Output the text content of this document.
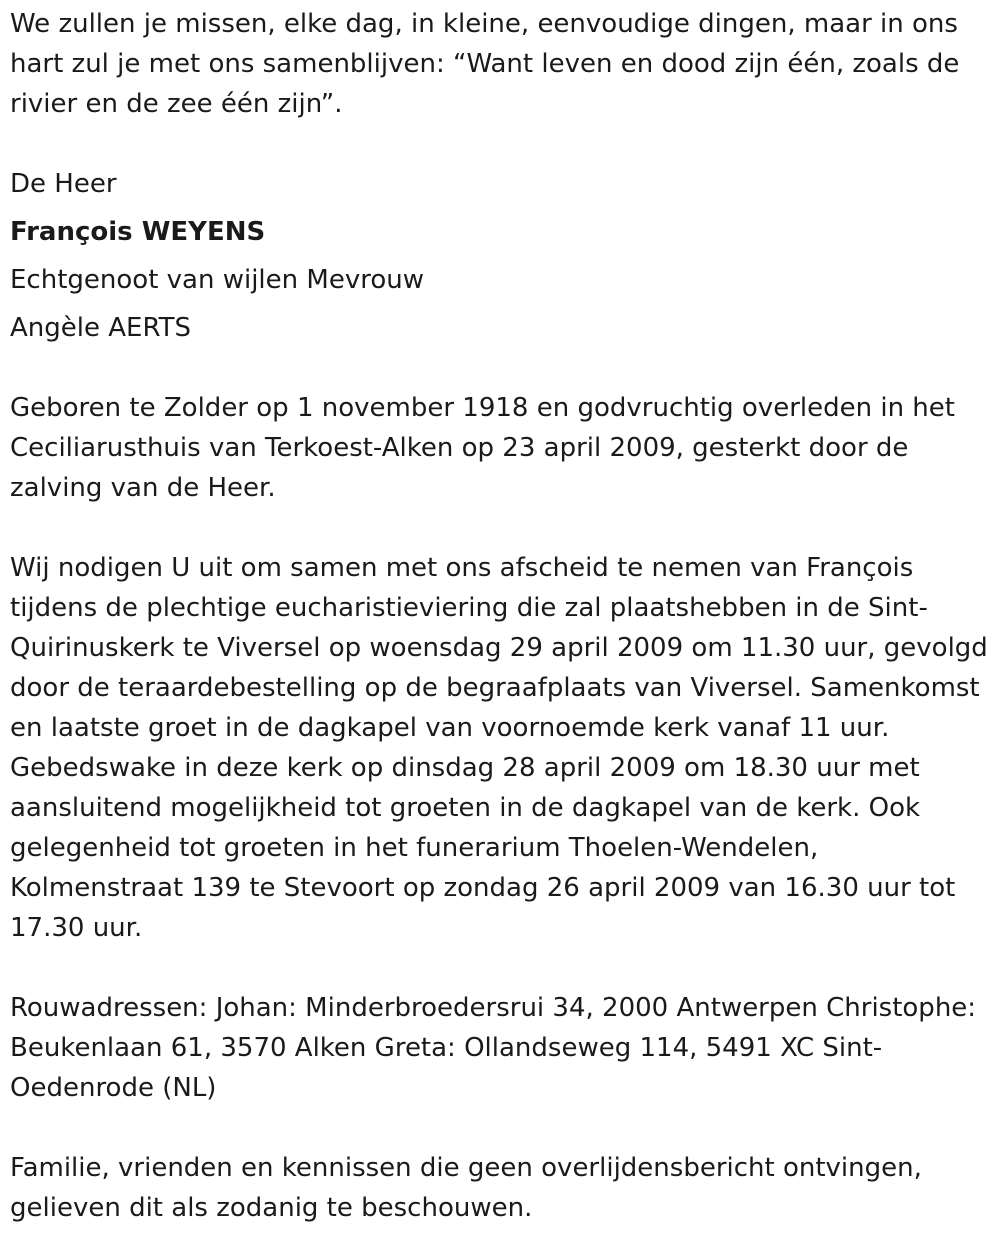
We zullen je missen, elke dag, in kleine, eenvoudige dingen, maar in ons hart zul je met ons samenblijven: “Want leven en dood zijn één, zoals de rivier en de zee één zijn”.

De Heer

François WEYENS

Echtgenoot van wijlen Mevrouw

Angèle AERTS

Geboren te Zolder op 1 november 1918 en godvruchtig overleden in het Ceciliarusthuis van Terkoest-Alken op 23 april 2009, gesterkt door de zalving van de Heer.

Wij nodigen U uit om samen met ons afscheid te nemen van François tijdens de plechtige eucharistieviering die zal plaatshebben in de Sint-Quirinuskerk te Viversel op woensdag 29 april 2009 om 11.30 uur, gevolgd door de teraardebestelling op de begraafplaats van Viversel. Samenkomst en laatste groet in de dagkapel van voornoemde kerk vanaf 11 uur. Gebedswake in deze kerk op dinsdag 28 april 2009 om 18.30 uur met aansluitend mogelijkheid tot groeten in de dagkapel van de kerk. Ook gelegenheid tot groeten in het funerarium Thoelen-Wendelen, Kolmenstraat 139 te Stevoort op zondag 26 april 2009 van 16.30 uur tot 17.30 uur.

Rouwadressen: Johan: Minderbroedersrui 34, 2000 Antwerpen Christophe: Beukenlaan 61, 3570 Alken Greta: Ollandseweg 114, 5491 XC Sint-Oedenrode (NL)

Familie, vrienden en kennissen die geen overlijdensbericht ontvingen, gelieven dit als zodanig te beschouwen.
